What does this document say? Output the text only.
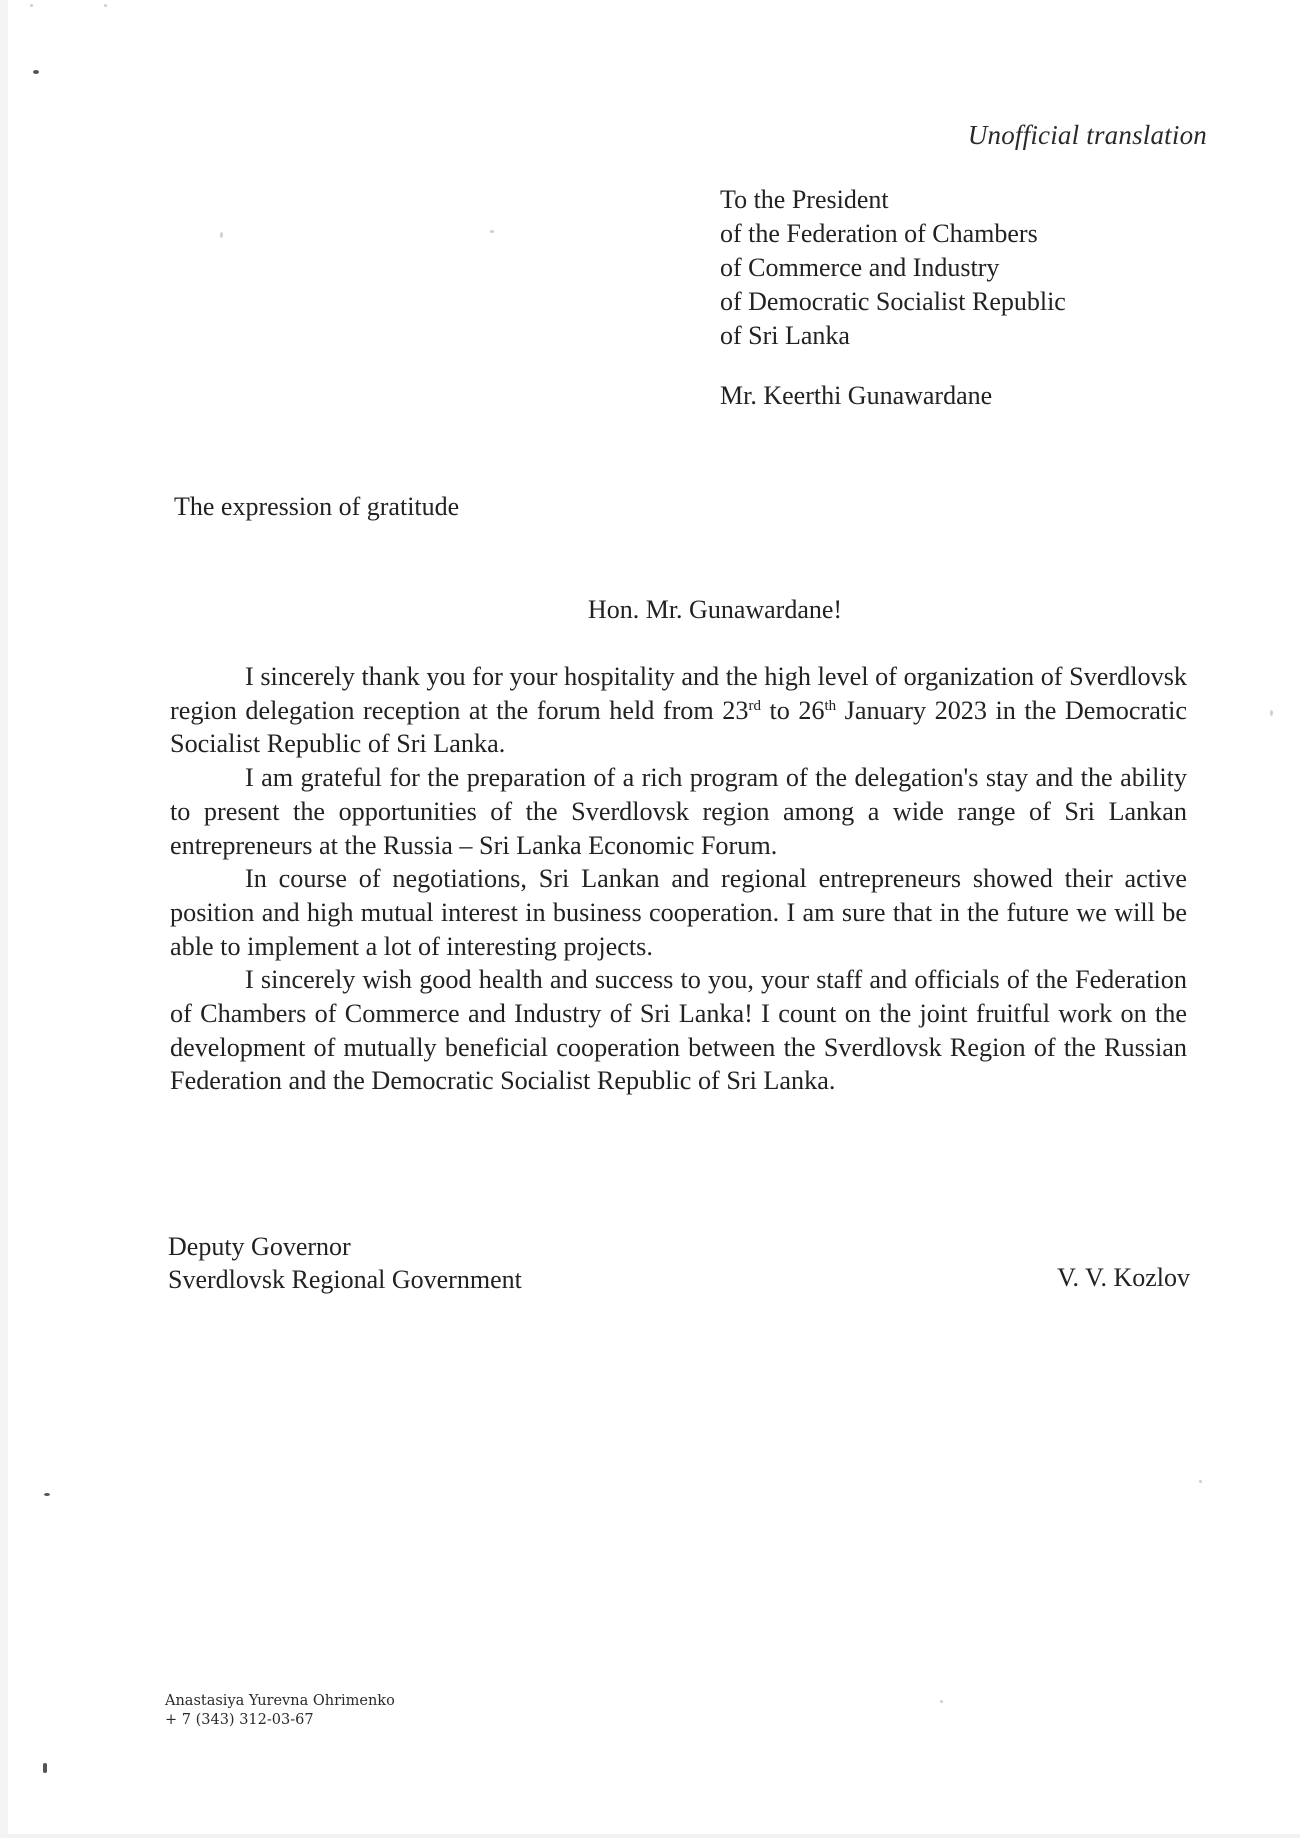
Unofficial translation
To the President
of the Federation of Chambers
of Commerce and Industry
of Democratic Socialist Republic
of Sri Lanka
Mr. Keerthi Gunawardane
The expression of gratitude
Hon. Mr. Gunawardane!

I sincerely thank you for your hospitality and the high level of organization of Sverdlovsk region delegation reception at the forum held from 23rd to 26th January 2023 in the Democratic Socialist Republic of Sri Lanka.

I am grateful for the preparation of a rich program of the delegation's stay and the ability to present the opportunities of the Sverdlovsk region among a wide range of Sri Lankan entrepreneurs at the Russia – Sri Lanka Economic Forum.

In course of negotiations, Sri Lankan and regional entrepreneurs showed their active position and high mutual interest in business cooperation. I am sure that in the future we will be able to implement a lot of interesting projects.

I sincerely wish good health and success to you, your staff and officials of the Federation of Chambers of Commerce and Industry of Sri Lanka! I count on the joint fruitful work on the development of mutually beneficial cooperation between the Sverdlovsk Region of the Russian Federation and the Democratic Socialist Republic of Sri Lanka.

Deputy Governor
Sverdlovsk Regional Government	V. V. Kozlov
Anastasiya Yurevna Ohrimenko
+ 7 (343) 312-03-67
